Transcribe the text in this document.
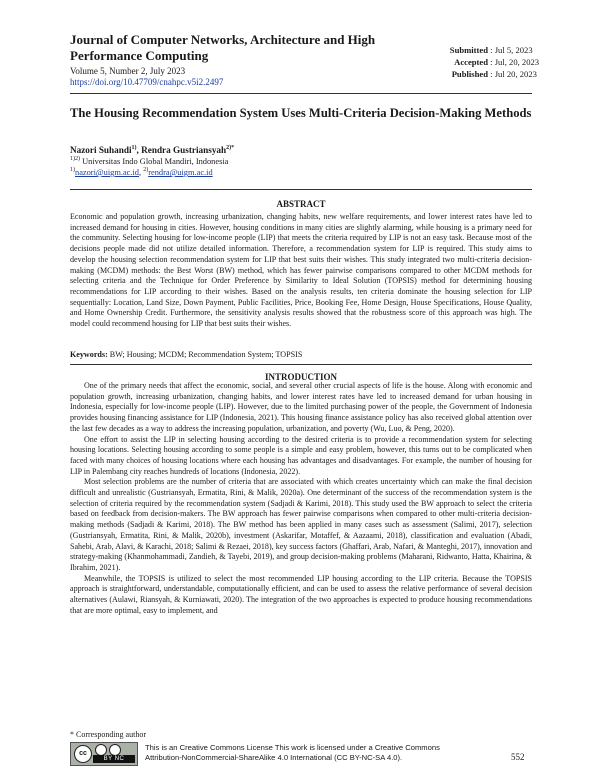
Journal of Computer Networks, Architecture and High Performance Computing
Volume 5, Number 2, July 2023
https://doi.org/10.47709/cnahpc.v5i2.2497
Submitted : Jul 5, 2023
Accepted : Jul, 20, 2023
Published : Jul 20, 2023
The Housing Recommendation System Uses Multi-Criteria Decision-Making Methods
Nazori Suhandi$^{1)}$, Rendra Gustriansyah$^{2)*}$
$^{1)2)}$ Universitas Indo Global Mandiri, Indonesia
$^{1)}$nazori@uigm.ac.id, $^{2)}$rendra@uigm.ac.id
ABSTRACT
Economic and population growth, increasing urbanization, changing habits, new welfare requirements, and lower interest rates have led to increased demand for housing in cities. However, housing conditions in many cities are slightly alarming, while housing is a primary need for the community. Selecting housing for low-income people (LIP) that meets the criteria required by LIP is not an easy task. Because most of the decisions people made did not utilize detailed information. Therefore, a recommendation system for LIP is required. This study aims to develop the housing selection recommendation system for LIP that best suits their wishes. This study integrated two multi-criteria decision-making (MCDM) methods: the Best Worst (BW) method, which has fewer pairwise comparisons compared to other MCDM methods for selecting criteria and the Technique for Order Preference by Similarity to Ideal Solution (TOPSIS) method for determining housing recommendations for LIP according to their wishes. Based on the analysis results, ten criteria dominate the housing selection for LIP sequentially: Location, Land Size, Down Payment, Public Facilities, Price, Booking Fee, Home Design, House Specifications, House Quality, and Home Ownership Credit. Furthermore, the sensitivity analysis results showed that the robustness score of this approach was high. The model could recommend housing for LIP that best suits their wishes.
Keywords: BW; Housing; MCDM; Recommendation System; TOPSIS
INTRODUCTION

One of the primary needs that affect the economic, social, and several other crucial aspects of life is the house. Along with economic and population growth, increasing urbanization, changing habits, and lower interest rates have led to increased demand for urban housing in Indonesia, especially for low-income people (LIP). However, due to the limited purchasing power of the people, the Government of Indonesia provides housing financing assistance for LIP (Indonesia, 2021). This housing finance assistance policy has also received global attention over the last few decades as a way to address the increasing population, urbanization, and poverty (Wu, Luo, & Peng, 2020).

One effort to assist the LIP in selecting housing according to the desired criteria is to provide a recommendation system for selecting housing locations. Selecting housing according to some people is a simple and easy problem, however, this turns out to be complicated when faced with many choices of housing locations where each housing has advantages and disadvantages. For example, the number of housing for LIP in Palembang city reaches hundreds of locations (Indonesia, 2022).

Most selection problems are the number of criteria that are associated with which creates uncertainty which can make the final decision difficult and unrealistic (Gustriansyah, Ermatita, Rini, & Malik, 2020a). One determinant of the success of the recommendation system is the selection of criteria required by the recommendation system (Sadjadi & Karimi, 2018). This study used the BW approach to select the criteria based on feedback from decision-makers. The BW approach has fewer pairwise comparisons when compared to other multi-criteria decision-making methods (Sadjadi & Karimi, 2018). The BW method has been applied in many cases such as assessment (Salimi, 2017), selection (Gustriansyah, Ermatita, Rini, & Malik, 2020b), investment (Askarifar, Motaffef, & Aazaami, 2018), classification and evaluation (Abadi, Sahebi, Arab, Alavi, & Karachi, 2018; Salimi & Rezaei, 2018), key success factors (Ghaffari, Arab, Nafari, & Manteghi, 2017), innovation and strategy-making (Khanmohammadi, Zandieh, & Tayebi, 2019), and group decision-making problems (Maharani, Ridwanto, Hatta, Khairina, & Ibrahim, 2021).

Meanwhile, the TOPSIS is utilized to select the most recommended LIP housing according to the LIP criteria. Because the TOPSIS approach is straightforward, understandable, computationally efficient, and can be used to assess the relative performance of several decision alternatives (Aulawi, Riansyah, & Kurniawati, 2020). The integration of the two approaches is expected to produce housing recommendations that are more optimal, easy to implement, and

* Corresponding author
cc
BY NC
This is an Creative Commons License This work is licensed under a Creative Commons Attribution-NonCommercial-ShareAlike 4.0 International (CC BY-NC-SA 4.0).	552
